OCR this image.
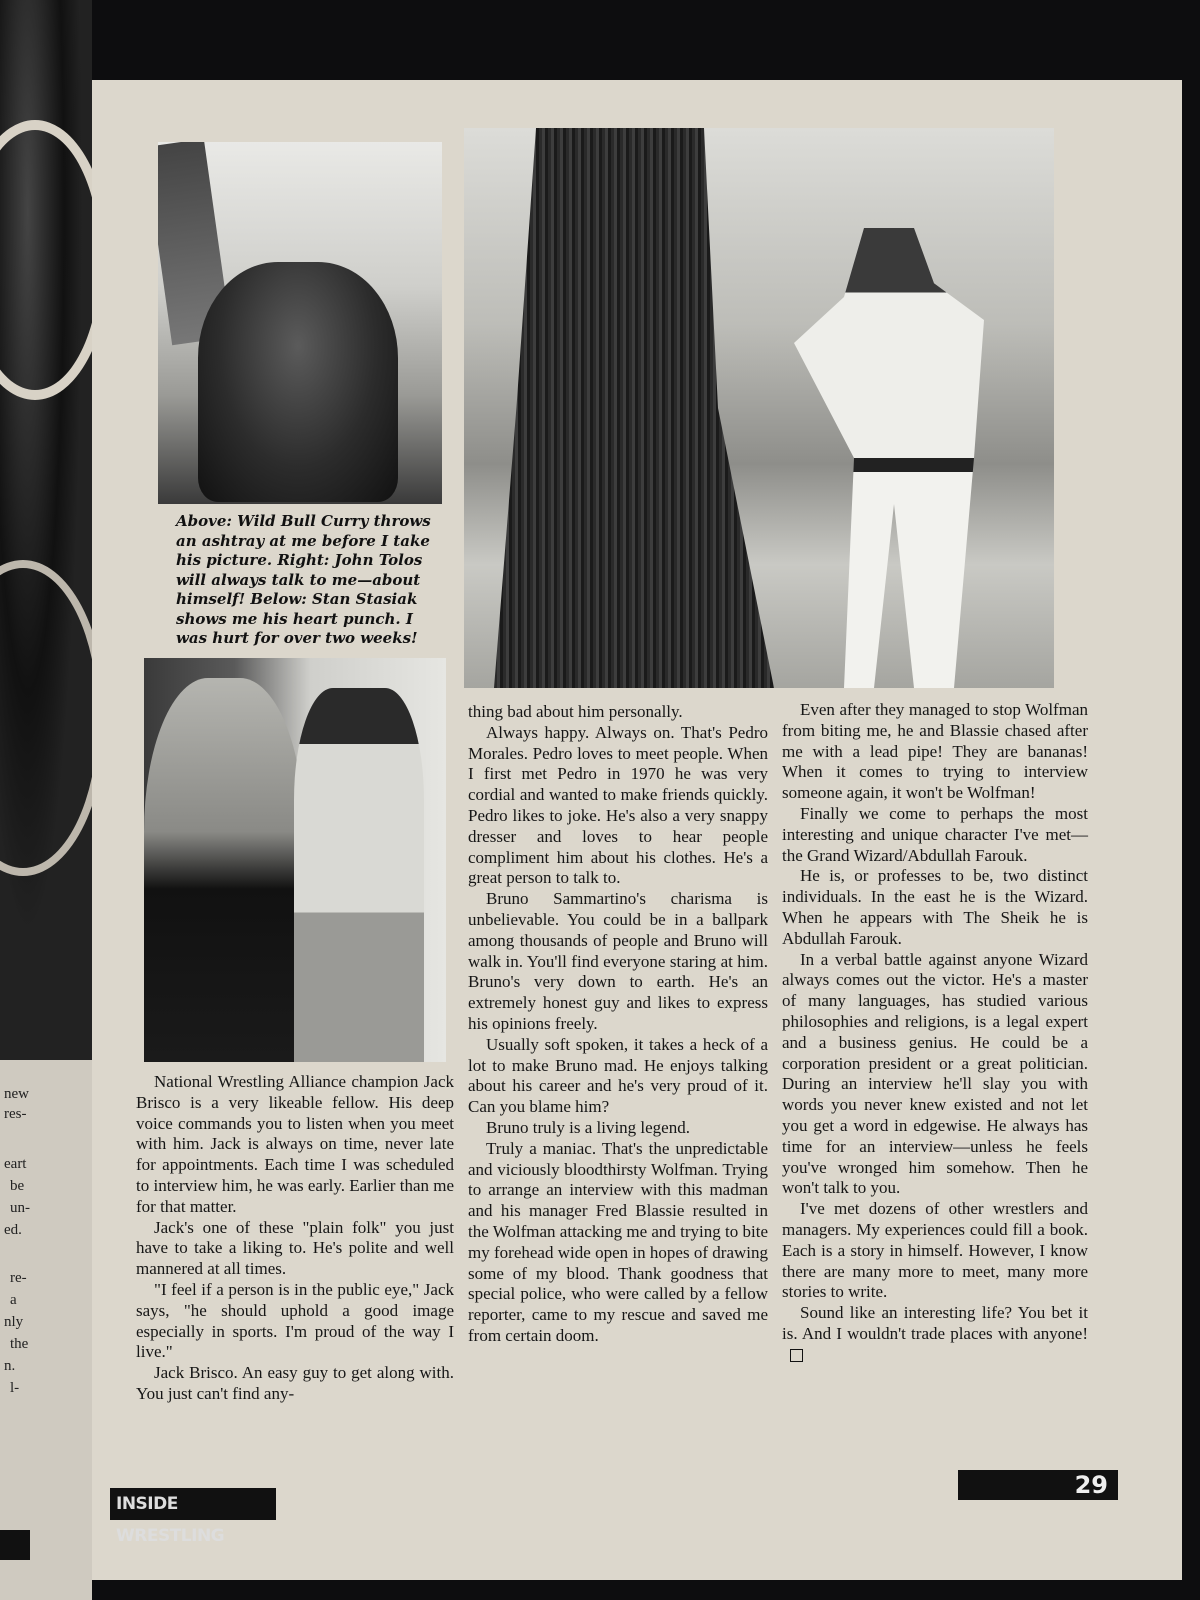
new
res-
eart
be
un-
ed.
re-
a
nly
the
n.
l-
Above: Wild Bull Curry throws an ashtray at me before I take his picture. Right: John Tolos will always talk to me—about himself! Below: Stan Stasiak shows me his heart punch. I was hurt for over two weeks!

National Wrestling Alliance champion Jack Brisco is a very likeable fellow. His deep voice commands you to listen when you meet with him. Jack is always on time, never late for appointments. Each time I was scheduled to interview him, he was early. Earlier than me for that matter.

Jack's one of these "plain folk" you just have to take a liking to. He's polite and well mannered at all times.

"I feel if a person is in the public eye," Jack says, "he should uphold a good image especially in sports. I'm proud of the way I live."

Jack Brisco. An easy guy to get along with. You just can't find any-

thing bad about him personally.

Always happy. Always on. That's Pedro Morales. Pedro loves to meet people. When I first met Pedro in 1970 he was very cordial and wanted to make friends quickly. Pedro likes to joke. He's also a very snappy dresser and loves to hear people compliment him about his clothes. He's a great person to talk to.

Bruno Sammartino's charisma is unbelievable. You could be in a ballpark among thousands of people and Bruno will walk in. You'll find everyone staring at him. Bruno's very down to earth. He's an extremely honest guy and likes to express his opinions freely.

Usually soft spoken, it takes a heck of a lot to make Bruno mad. He enjoys talking about his career and he's very proud of it. Can you blame him?

Bruno truly is a living legend.

Truly a maniac. That's the unpredictable and viciously bloodthirsty Wolfman. Trying to arrange an interview with this madman and his manager Fred Blassie resulted in the Wolfman attacking me and trying to bite my forehead wide open in hopes of drawing some of my blood. Thank goodness that special police, who were called by a fellow reporter, came to my rescue and saved me from certain doom.

Even after they managed to stop Wolfman from biting me, he and Blassie chased after me with a lead pipe! They are bananas! When it comes to trying to interview someone again, it won't be Wolfman!

Finally we come to perhaps the most interesting and unique character I've met—the Grand Wizard/Abdullah Farouk.

He is, or professes to be, two distinct individuals. In the east he is the Wizard. When he appears with The Sheik he is Abdullah Farouk.

In a verbal battle against anyone Wizard always comes out the victor. He's a master of many languages, has studied various philosophies and religions, is a legal expert and a business genius. He could be a corporation president or a great politician. During an interview he'll slay you with words you never knew existed and not let you get a word in edgewise. He always has time for an interview—unless he feels you've wronged him somehow. Then he won't talk to you.

I've met dozens of other wrestlers and managers. My experiences could fill a book. Each is a story in himself. However, I know there are many more to meet, many more stories to write.

Sound like an interesting life? You bet it is. And I wouldn't trade places with anyone!

29
INSIDE WRESTLING
